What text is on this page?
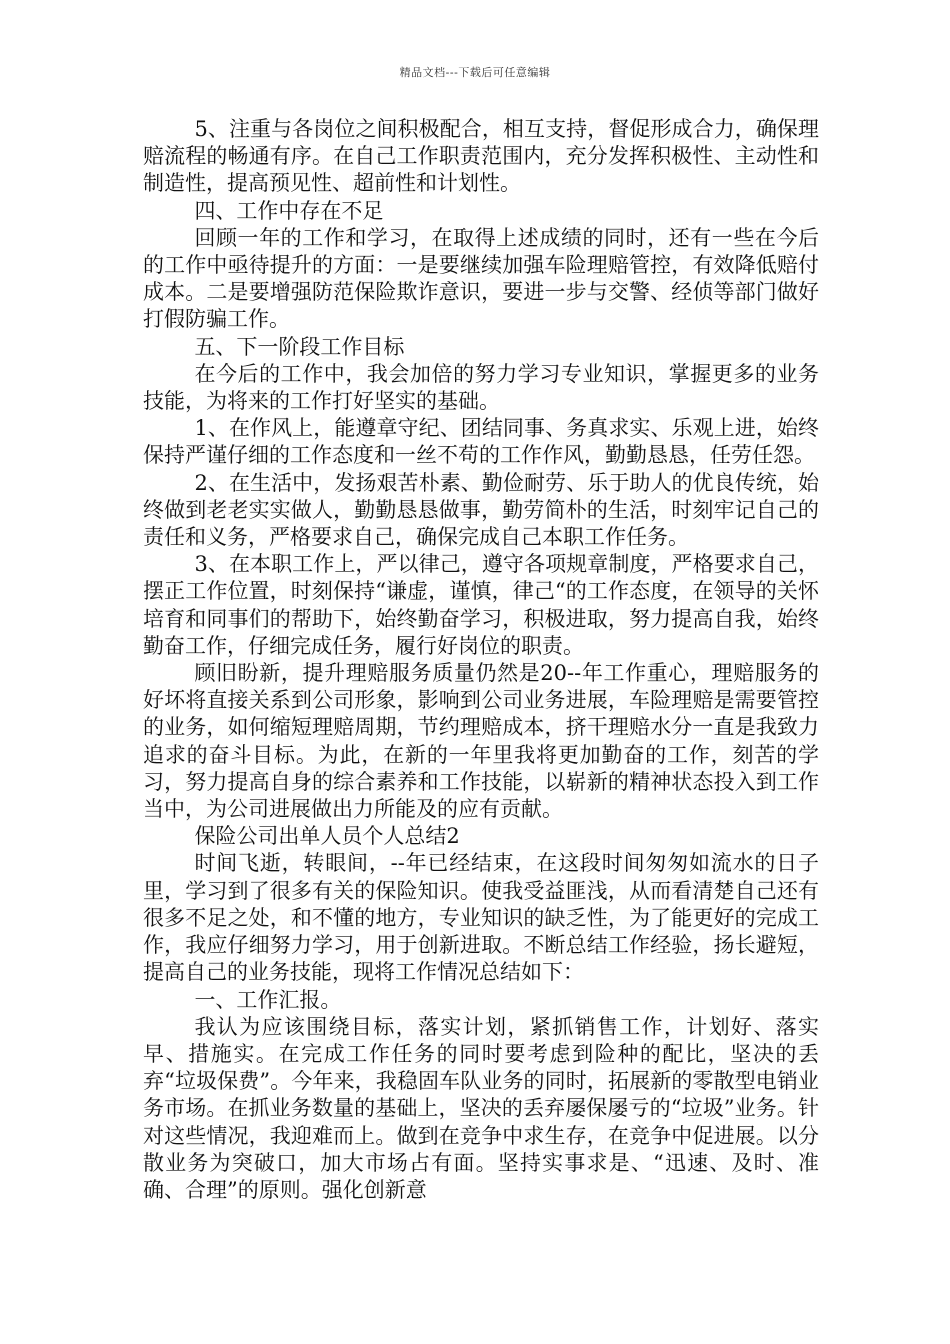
精品文档---下载后可任意编辑

5、注重与各岗位之间积极配合，相互支持，督促形成合力，确保理赔流程的畅通有序。在自己工作职责范围内，充分发挥积极性、主动性和制造性，提高预见性、超前性和计划性。

四、工作中存在不足

回顾一年的工作和学习，在取得上述成绩的同时，还有一些在今后的工作中亟待提升的方面：一是要继续加强车险理赔管控，有效降低赔付成本。二是要增强防范保险欺诈意识，要进一步与交警、经侦等部门做好打假防骗工作。

五、下一阶段工作目标

在今后的工作中，我会加倍的努力学习专业知识，掌握更多的业务技能，为将来的工作打好坚实的基础。

1、在作风上，能遵章守纪、团结同事、务真求实、乐观上进，始终保持严谨仔细的工作态度和一丝不苟的工作作风，勤勤恳恳，任劳任怨。

2、在生活中，发扬艰苦朴素、勤俭耐劳、乐于助人的优良传统，始终做到老老实实做人，勤勤恳恳做事，勤劳简朴的生活，时刻牢记自己的责任和义务，严格要求自己，确保完成自己本职工作任务。

3、在本职工作上，严以律己，遵守各项规章制度，严格要求自己，摆正工作位置，时刻保持“谦虚，谨慎，律己“的工作态度，在领导的关怀培育和同事们的帮助下，始终勤奋学习，积极进取，努力提高自我，始终勤奋工作，仔细完成任务，履行好岗位的职责。

顾旧盼新，提升理赔服务质量仍然是20--年工作重心，理赔服务的好坏将直接关系到公司形象，影响到公司业务进展，车险理赔是需要管控的业务，如何缩短理赔周期，节约理赔成本，挤干理赔水分一直是我致力追求的奋斗目标。为此，在新的一年里我将更加勤奋的工作，刻苦的学习，努力提高自身的综合素养和工作技能，以崭新的精神状态投入到工作当中，为公司进展做出力所能及的应有贡献。

保险公司出单人员个人总结2

时间飞逝，转眼间，--年已经结束，在这段时间匆匆如流水的日子里，学习到了很多有关的保险知识。使我受益匪浅，从而看清楚自己还有很多不足之处，和不懂的地方，专业知识的缺乏性，为了能更好的完成工作，我应仔细努力学习，用于创新进取。不断总结工作经验，扬长避短，提高自己的业务技能，现将工作情况总结如下：

一、工作汇报。

我认为应该围绕目标，落实计划，紧抓销售工作，计划好、落实早、措施实。在完成工作任务的同时要考虑到险种的配比，坚决的丢弃“垃圾保费”。今年来，我稳固车队业务的同时，拓展新的零散型电销业务市场。在抓业务数量的基础上，坚决的丢弃屡保屡亏的“垃圾”业务。针对这些情况，我迎难而上。做到在竞争中求生存，在竞争中促进展。以分散业务为突破口，加大市场占有面。坚持实事求是、“迅速、及时、准确、合理”的原则。强化创新意
